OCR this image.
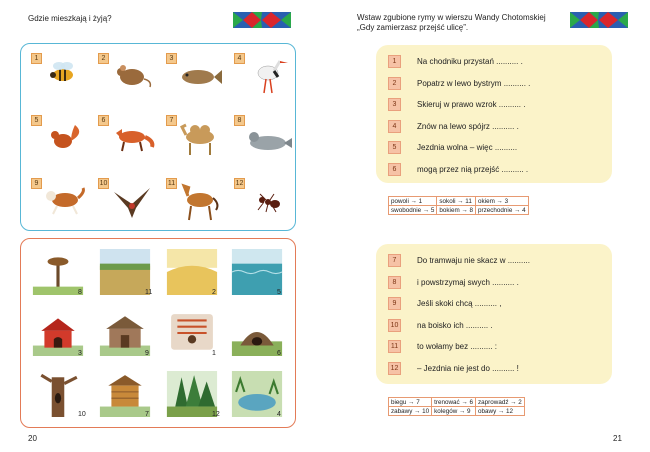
Gdzie mieszkają i żyją?
1	2	3	4
5	6	7	8
9	10	11	12
8	11	2	5
3	9	1	6
10	7	12	4
20
Wstaw zgubione rymy w wierszu Wandy Chotomskiej
„Gdy zamierzasz przejść ulicę”.
1	Na chodniku przystań .......... .
2	Popatrz w lewo bystrym .......... .
3	Skieruj w prawo wzrok .......... .
4	Znów na lewo spójrz .......... .
5	Jezdnia wolna – więc ..........
6	mogą przez nią przejść .......... .
powoli → 1	sokoli → 11	okiem → 3
swobodnie → 5	bokiem → 8	przechodnie → 4
7	Do tramwaju nie skacz w ..........
8	i powstrzymaj swych .......... .
9	Jeśli skoki chcą .......... ,
10	na boisko ich .......... .
11	to wołamy bez .......... :
12	– Jezdnia nie jest do .......... !
biegu → 7	trenować → 6	zaprowadź → 2
zabawy → 10	kolegów → 9	obawy → 12
21
